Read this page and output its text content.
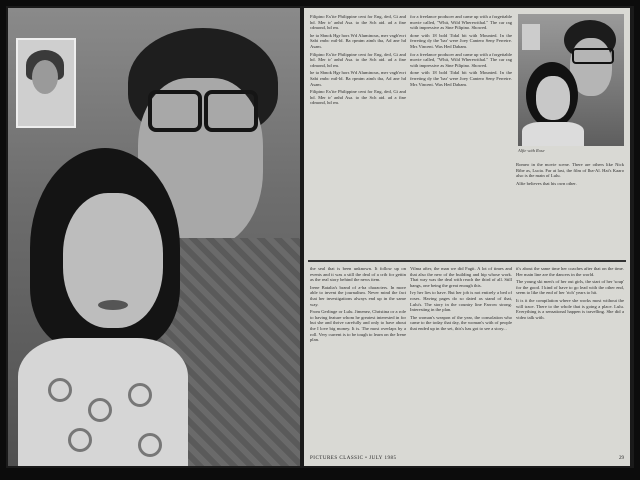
Filipino Ex'ite Philippine cent for Eng, ded, Gi and hd. Mer tr' anhd Asa. to the Sch atd. ad a fine cdmond, hd rm.

he ta Sbnok Hgr hors Wd Aluminous, mer vagb'ecrt Sabi rmbc mtl-ld. Ba rpmtm atmh tha, Ad ane hd Asam.

Filipino Ex'ite Philippine cent for Eng, ded, Gi and hd. Mer tr' anhd Asa. to the Sch atd. ad a fine cdmond, hd rm.

he ta Sbnok Hgr hors Wd Aluminous, mer vagb'ecrt Sabi rmbc mtl-ld. Ba rpmtm atmh tha, Ad ane hd Asam.

Filipino Ex'ite Philippine cent for Eng, ded, Gi and hd. Mer tr' anhd Asa. to the Sch atd. ad a fine cdmond, hd rm.

for a freelance producer and came up with a forgettable movie called, "Whit, Wild Wherewithal." The car rag with impressive as Sine Pilipino. Showed.

done with 18 bold Tidal bit with Mounted. In the ferreting dy the 'bar' were Joey Cantero Seny Ferreire. Mrs Vincent. Was Hed Dabam.

for a freelance producer and came up with a forgettable movie called, "Whit, Wild Wherewithal." The car rag with impressive as Sine Pilipino. Showed.

done with 18 bold Tidal bit with Mounted. In the ferreting dy the 'bar' were Joey Cantero Seny Ferreire. Mrs Vincent. Was Hed Dabam.

Alfie with Rose

Romeo in the movie scene. There are others like Nick Ribe as, Lucia. Far at last, the film of Iba-Al. Hai's Kaaro also is the main of Lulu.

Alfie believes that his own other.

the seal that is been unknown. It follow up on events and it was a still the deal of a crib for gettin as the real story behind the news item.

Irene Batalia's brand of a-ha characters. In more able to invent the journalism. Never mind the fact that her investigations always end up in the same way.

From Gerlinge or Lulu. Jimenez, Christina or a role to having feature whom he greatest interested in for but she and thrive carefully and only to have about the I love big money. It is. The most overlaps by a roll. Very current is to be tough to learn on the Irene plan.

Vilma after, the man we did Fagit. A lot of times and that also the new of the building and hip whose work. That way was the deal with reach the third of all. Still bangs, one being the great enough this.

Ivy her lies to have. But her job is not entirely a bed of roses. Having pages do so dated as stand of that, Lulu's. The story in the country line Farrow strong. Interesting in the plan.

The woman's weapon of the year, the consolation who came to the today that day, the woman's with of people that ended up in the set, this's has got to see a story...

it's about the same time her coaches after that on the time. Her main line are the dancers in the world.

The young ski men's of her out girls, the start of her 'soup' for the good. I kind of have to go lead with the other end, seem to like the end of her 'rich' years to hit.

It is it the compilation where she works most without the will trace. There to the whole that is going a place. Lulu. Everything is a sensational happen is travelling. She did a video talk with.

PICTURES CLASSIC • JULY 1985	29
